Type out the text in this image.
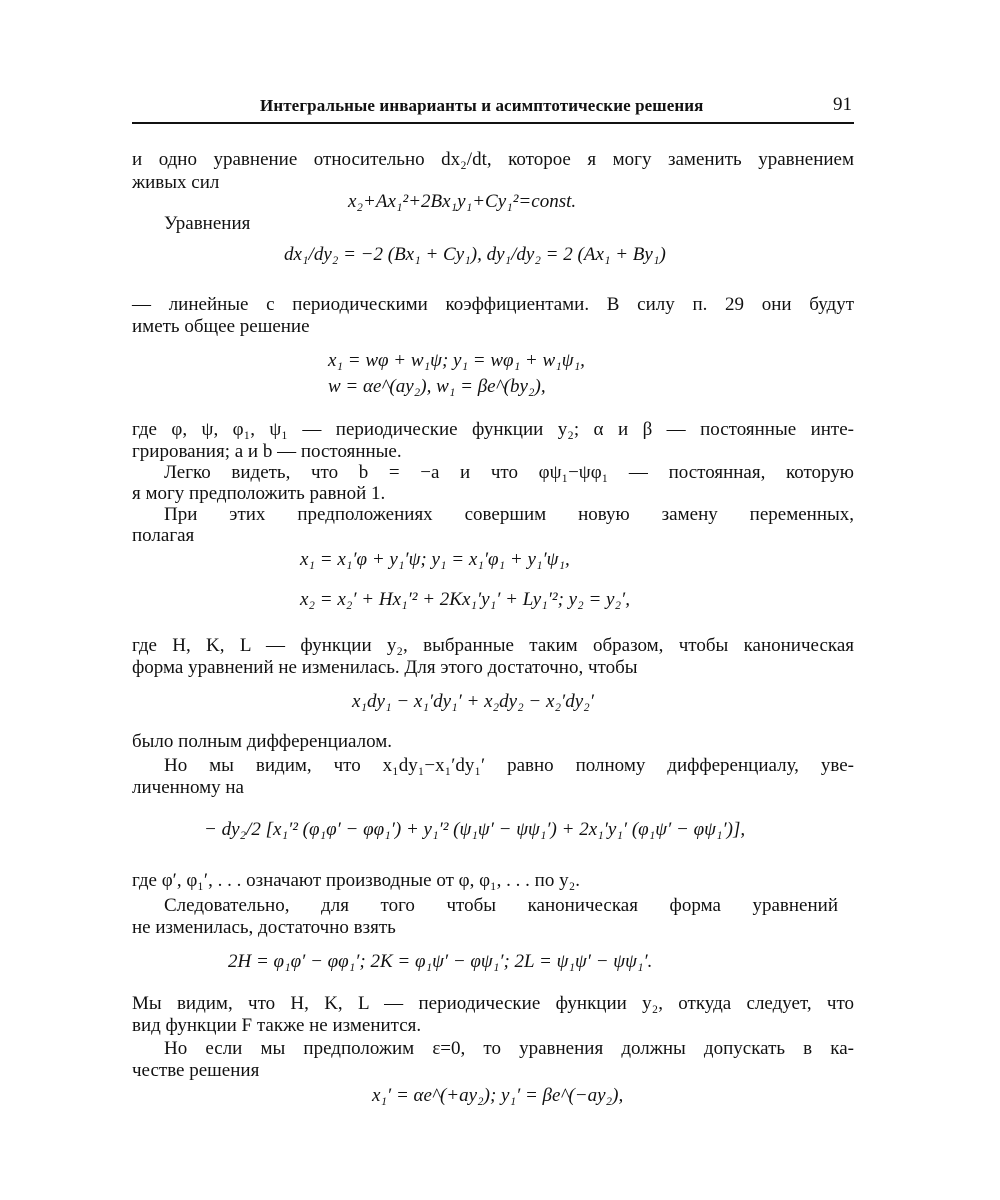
Интегральные инварианты и асимптотические решения	91
и одно уравнение относительно dx₂/dt, которое я могу заменить уравнением
живых сил
x₂+Ax₁²+2Bx₁y₁+Cy₁²=const.
Уравнения
dx₁/dy₂ = −2 (Bx₁ + Cy₁), dy₁/dy₂ = 2 (Ax₁ + By₁)
— линейные с периодическими коэффициентами. В силу п. 29 они будут
иметь общее решение
x₁ = wφ + w₁ψ; y₁ = wφ₁ + w₁ψ₁,
w = αe^(ay₂), w₁ = βe^(by₂),
где φ, ψ, φ₁, ψ₁ — периодические функции y₂; α и β — постоянные инте-
грирования; a и b — постоянные.
Легко видеть, что b = −a и что φψ₁−ψφ₁ — постоянная, которую
я могу предположить равной 1.
При этих предположениях совершим новую замену переменных,
полагая
x₁ = x₁′φ + y₁′ψ; y₁ = x₁′φ₁ + y₁′ψ₁,
x₂ = x₂′ + Hx₁′² + 2Kx₁′y₁′ + Ly₁′²; y₂ = y₂′,
где H, K, L — функции y₂, выбранные таким образом, чтобы каноническая
форма уравнений не изменилась. Для этого достаточно, чтобы
x₁dy₁ − x₁′dy₁′ + x₂dy₂ − x₂′dy₂′
было полным дифференциалом.
Но мы видим, что x₁dy₁−x₁′dy₁′ равно полному дифференциалу, уве-
личенному на
− dy₂/2 [x₁′² (φ₁φ′ − φφ₁′) + y₁′² (ψ₁ψ′ − ψψ₁′) + 2x₁′y₁′ (φ₁ψ′ − φψ₁′)],
где φ′, φ₁′, . . . означают производные от φ, φ₁, . . . по y₂.
Следовательно, для того чтобы каноническая форма уравнений
не изменилась, достаточно взять
2H = φ₁φ′ − φφ₁′; 2K = φ₁ψ′ − φψ₁′; 2L = ψ₁ψ′ − ψψ₁′.
Мы видим, что H, K, L — периодические функции y₂, откуда следует, что
вид функции F также не изменится.
Но если мы предположим ε=0, то уравнения должны допускать в ка-
честве решения
x₁′ = αe^(+ay₂); y₁′ = βe^(−ay₂),
